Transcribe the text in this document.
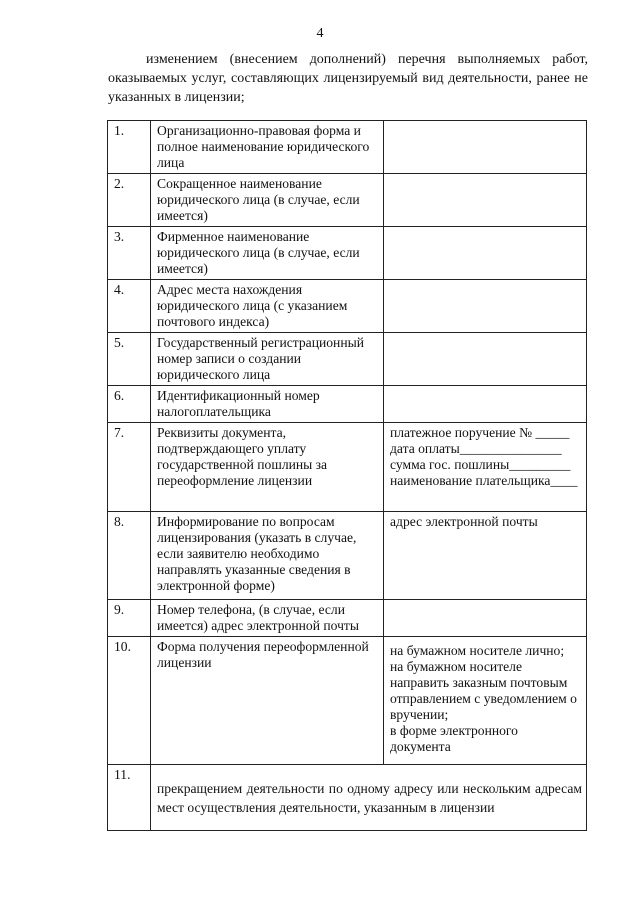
4
изменением (внесением дополнений) перечня выполняемых работ, оказываемых услуг, составляющих лицензируемый вид деятельности, ранее не указанных в лицензии;
1.	Организационно-правовая форма и полное наименование юридического лица	
2.	Сокращенное наименование юридического лица (в случае, если имеется)	
3.	Фирменное наименование юридического лица (в случае, если имеется)	
4.	Адрес места нахождения юридического лица (с указанием почтового индекса)	
5.	Государственный регистрационный номер записи о создании юридического лица	
6.	Идентификационный номер налогоплательщика	
7.	Реквизиты документа, подтверждающего уплату государственной пошлины за переоформление лицензии	платежное поручение № _____
дата оплаты_______________
сумма гос. пошлины_________
наименование плательщика____

8.	Информирование по вопросам лицензирования (указать в случае, если заявителю необходимо направлять указанные сведения в электронной форме)	адрес электронной почты

9.	Номер телефона, (в случае, если имеется) адрес электронной почты	
10.	Форма получения переоформленной лицензии	на бумажном носителе лично;
на бумажном носителе направить заказным почтовым отправлением с уведомлением о вручении;
в форме электронного документа

11.	прекращением деятельности по одному адресу или нескольким адресам мест осуществления деятельности, указанным в лицензии	
